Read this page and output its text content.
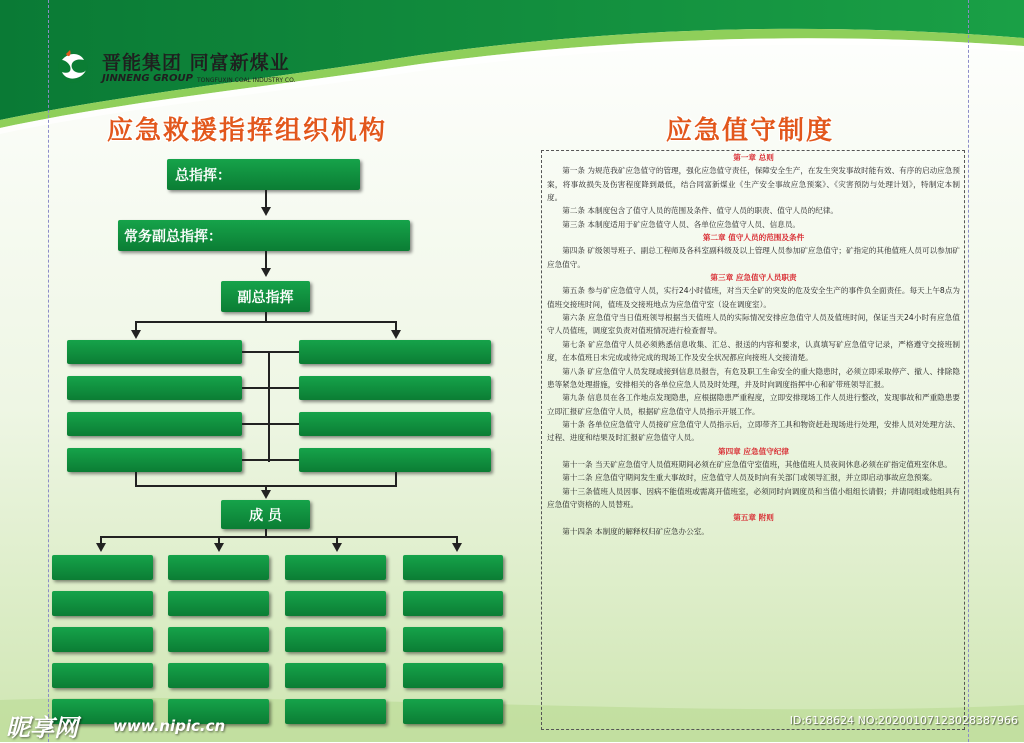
晋能集团 同富新煤业
JINNENG GROUP TONGFUXIN COAL INDUSTRY CO.
应急救援指挥组织机构	应急值守制度
总指挥：
常务副总指挥：
副总指挥
成 员

第一章 总则

第一条 为规范我矿应急值守的管理，强化应急值守责任，保障安全生产，在发生突发事故时能有效、有序的启动应急预案，将事故损失及伤害程度降到最低，结合同富新煤业《生产安全事故应急预案》、《灾害预防与处理计划》，特制定本制度。

第二条 本制度包含了值守人员的范围及条件、值守人员的职责、值守人员的纪律。

第三条 本制度适用于矿应急值守人员、各单位应急值守人员、信息员。

第二章 值守人员的范围及条件

第四条 矿级领导班子、副总工程师及各科室副科级及以上管理人员参加矿应急值守；矿指定的其他值班人员可以参加矿应急值守。

第三章 应急值守人员职责

第五条 参与矿应急值守人员，实行24小时值班，对当天全矿的突发的危及安全生产的事件负全面责任。每天上午8点为值班交接班时间，值班及交接班地点为应急值守室（设在调度室）。

第六条 应急值守当日值班领导根据当天值班人员的实际情况安排应急值守人员及值班时间，保证当天24小时有应急值守人员值班，调度室负责对值班情况进行检查督导。

第七条 矿应急值守人员必须熟悉信息收集、汇总、报送的内容和要求，认真填写矿应急值守记录，严格遵守交接班制度，在本值班日未完成或待完成的现场工作及安全状况都应向接班人交接清楚。

第八条 矿应急值守人员发现或接到信息员报告，有危及职工生命安全的重大隐患时，必须立即采取停产、撤人、排除隐患等紧急处理措施，安排相关的各单位应急人员及时处理，并及时向调度指挥中心和矿带班领导汇报。

第九条 信息员在各工作地点发现隐患，应根据隐患严重程度，立即安排现场工作人员进行整改，发现事故和严重隐患要立即汇报矿应急值守人员，根据矿应急值守人员指示开展工作。

第十条 各单位应急值守人员接矿应急值守人员指示后，立即带齐工具和物资赶赴现场进行处理，安排人员对处理方法、过程、进度和结果及时汇报矿应急值守人员。

第四章 应急值守纪律

第十一条 当天矿应急值守人员值班期间必须在矿应急值守室值班，其他值班人员夜间休息必须在矿指定值班室休息。

第十二条 应急值守期间发生重大事故时，应急值守人员及时向有关部门或领导汇报，并立即启动事故应急预案。

第十三条值班人员因事、因病不能值班或需离开值班室，必须同时向调度员和当值小组组长请假；并请同组或他组具有应急值守资格的人员替班。

第五章 附则

第十四条 本制度的解释权归矿应急办公室。

昵享网 www.nipic.cn	ID:6128624 NO:20200107123028387966
